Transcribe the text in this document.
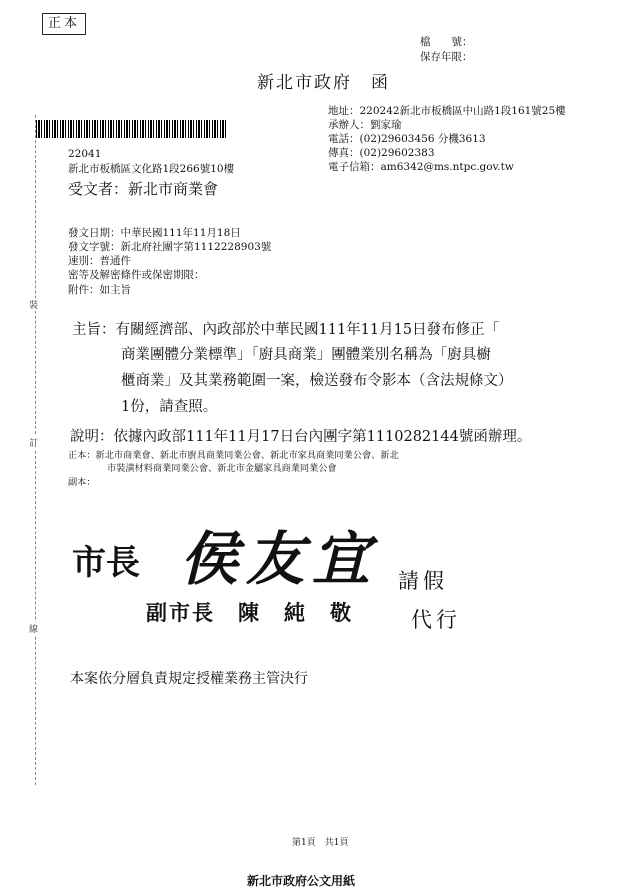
正本
檔　　號：
保存年限：
新北市政府　函
地址：220242新北市板橋區中山路1段161號25樓
承辦人：劉家瑜
電話：(02)29603456 分機3613
傳真：(02)29602383
電子信箱：am6342@ms.ntpc.gov.tw
22041
新北市板橋區文化路1段266號10樓
受文者：新北市商業會
發文日期：中華民國111年11月18日
發文字號：新北府社團字第1112228903號
速別：普通件
密等及解密條件或保密期限：
附件：如主旨
主旨：有關經濟部、內政部於中華民國111年11月15日發布修正「
商業團體分業標準」「廚具商業」團體業別名稱為「廚具櫥
櫃商業」及其業務範圍一案，檢送發布令影本（含法規條文）
1份，請查照。
說明：依據內政部111年11月17日台內團字第1110282144號函辦理。
正本：新北市商業會、新北市廚具商業同業公會、新北市家具商業同業公會、新北
市裝潢材料商業同業公會、新北市金屬家具商業同業公會
副本：
市長 侯友宜 請假
副市長　陳　純　敬	代行
本案依分層負責規定授權業務主管決行
裝
訂
線
第1頁　共1頁
新北市政府公文用紙
